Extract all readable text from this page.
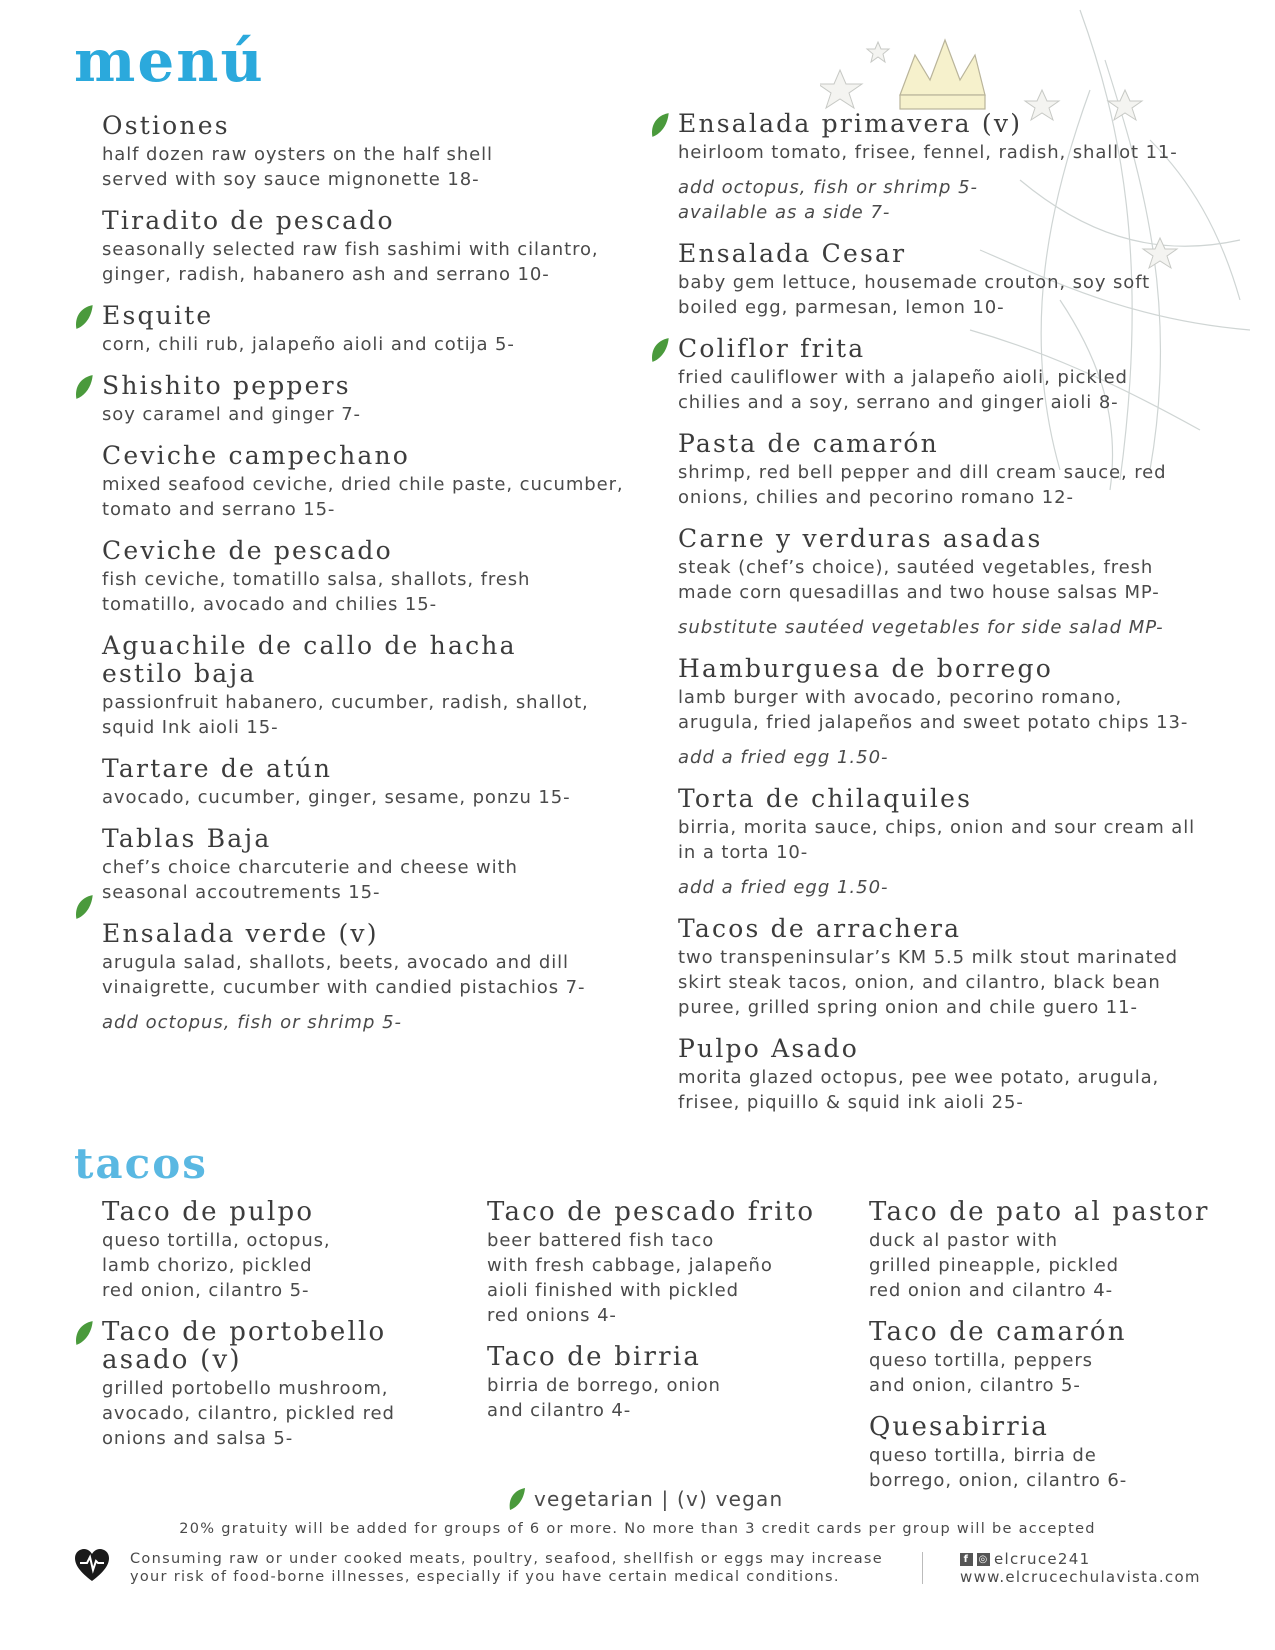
menú
Ostiones
half dozen raw oysters on the half shell
served with soy sauce mignonette 18-
Tiradito de pescado
seasonally selected raw fish sashimi with cilantro,
ginger, radish, habanero ash and serrano 10-
Esquite
corn, chili rub, jalapeño aioli and cotija 5-
Shishito peppers
soy caramel and ginger 7-
Ceviche campechano
mixed seafood ceviche, dried chile paste, cucumber,
tomato and serrano 15-
Ceviche de pescado
fish ceviche, tomatillo salsa, shallots, fresh
tomatillo, avocado and chilies 15-
Aguachile de callo de hacha
estilo baja
passionfruit habanero, cucumber, radish, shallot,
squid Ink aioli 15-
Tartare de atún
avocado, cucumber, ginger, sesame, ponzu 15-
Tablas Baja
chef’s choice charcuterie and cheese with
seasonal accoutrements 15-
Ensalada verde (v)
arugula salad, shallots, beets, avocado and dill
vinaigrette, cucumber with candied pistachios 7-
add octopus, fish or shrimp 5-
Ensalada primavera (v)
heirloom tomato, frisee, fennel, radish, shallot 11-
add octopus, fish or shrimp 5-
available as a side 7-
Ensalada Cesar
baby gem lettuce, housemade crouton, soy soft
boiled egg, parmesan, lemon 10-
Coliflor frita
fried cauliflower with a jalapeño aioli, pickled
chilies and a soy, serrano and ginger aioli 8-
Pasta de camarón
shrimp, red bell pepper and dill cream sauce, red
onions, chilies and pecorino romano 12-
Carne y verduras asadas
steak (chef’s choice), sautéed vegetables, fresh
made corn quesadillas and two house salsas MP-
substitute sautéed vegetables for side salad MP-
Hamburguesa de borrego
lamb burger with avocado, pecorino romano,
arugula, fried jalapeños and sweet potato chips 13-
add a fried egg 1.50-
Torta de chilaquiles
birria, morita sauce, chips, onion and sour cream all
in a torta 10-
add a fried egg 1.50-
Tacos de arrachera
two transpeninsular’s KM 5.5 milk stout marinated
skirt steak tacos, onion, and cilantro, black bean
puree, grilled spring onion and chile guero 11-
Pulpo Asado
morita glazed octopus, pee wee potato, arugula,
frisee, piquillo & squid ink aioli 25-
tacos
Taco de pulpo
queso tortilla, octopus,
lamb chorizo, pickled
red onion, cilantro 5-
Taco de portobello
asado (v)
grilled portobello mushroom,
avocado, cilantro, pickled red
onions and salsa 5-
Taco de pescado frito
beer battered fish taco
with fresh cabbage, jalapeño
aioli finished with pickled
red onions 4-
Taco de birria
birria de borrego, onion
and cilantro 4-
Taco de pato al pastor
duck al pastor with
grilled pineapple, pickled
red onion and cilantro 4-
Taco de camarón
queso tortilla, peppers
and onion, cilantro 5-
Quesabirria
queso tortilla, birria de
borrego, onion, cilantro 6-
vegetarian | (v) vegan
20% gratuity will be added for groups of 6 or more. No more than 3 credit cards per group will be accepted
Consuming raw or under cooked meats, poultry, seafood, shellfish or eggs may increase
your risk of food-borne illnesses, especially if you have certain medical conditions.
f ◎ elcruce241
www.elcrucechulavista.com
